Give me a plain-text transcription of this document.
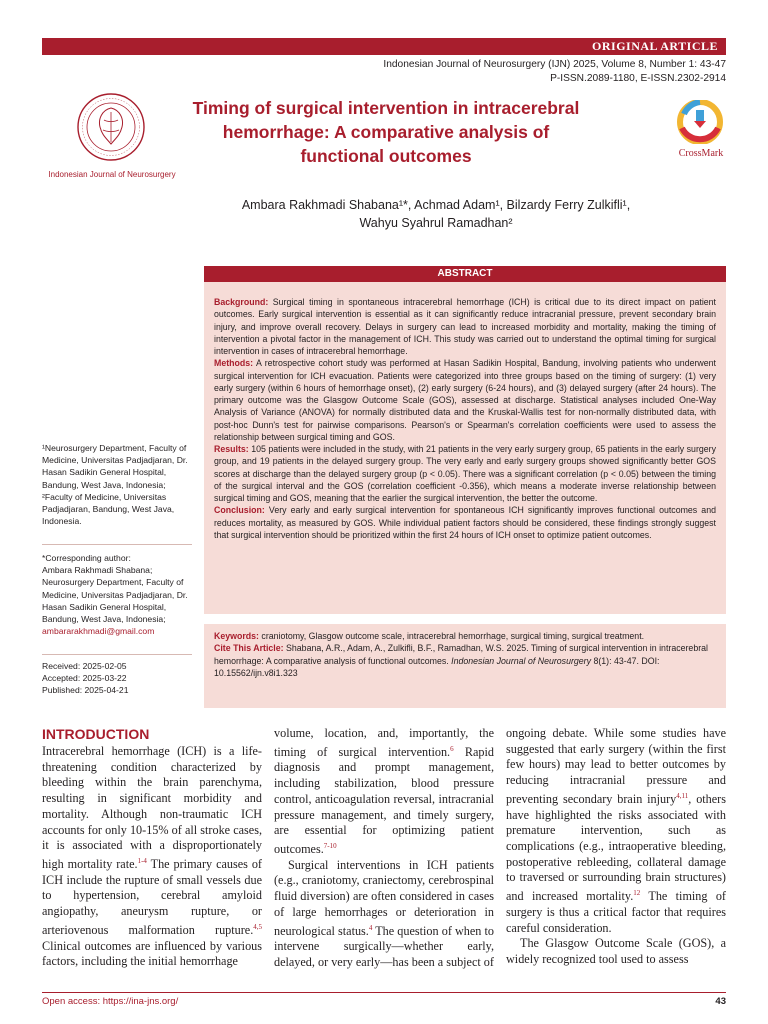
ORIGINAL ARTICLE
Indonesian Journal of Neurosurgery (IJN) 2025, Volume 8, Number 1: 43-47
P-ISSN.2089-1180, E-ISSN.2302-2914
Indonesian Journal of Neurosurgery
Timing of surgical intervention in intracerebral hemorrhage: A comparative analysis of functional outcomes	CrossMark
Ambara Rakhmadi Shabana¹*, Achmad Adam¹, Bilzardy Ferry Zulkifli¹,
Wahyu Syahrul Ramadhan²
ABSTRACT

Background: Surgical timing in spontaneous intracerebral hemorrhage (ICH) is critical due to its direct impact on patient outcomes. Early surgical intervention is essential as it can significantly reduce intracranial pressure, prevent secondary brain injury, and improve overall recovery. Delays in surgery can lead to increased morbidity and mortality, making the timing of intervention a pivotal factor in the management of ICH. This study was carried out to understand the optimal timing for surgical intervention in cases of intracerebral hemorrhage.

Methods: A retrospective cohort study was performed at Hasan Sadikin Hospital, Bandung, involving patients who underwent surgical intervention for ICH evacuation. Patients were categorized into three groups based on the timing of surgery: (1) very early surgery (within 6 hours of hemorrhage onset), (2) early surgery (6-24 hours), and (3) delayed surgery (after 24 hours). The primary outcome was the Glasgow Outcome Scale (GOS), assessed at discharge. Statistical analyses included One-Way Analysis of Variance (ANOVA) for normally distributed data and the Kruskal-Wallis test for non-normally distributed data, with post-hoc Dunn's test for pairwise comparisons. Pearson's or Spearman's correlation coefficients were used to assess the relationship between surgical timing and GOS.

Results: 105 patients were included in the study, with 21 patients in the very early surgery group, 65 patients in the early surgery group, and 19 patients in the delayed surgery group. The very early and early surgery groups showed significantly better GOS scores at discharge than the delayed surgery group (p < 0.05). There was a significant correlation (p < 0.05) between the timing of the surgical interval and the GOS (correlation coefficient -0.356), which means a moderate inverse relationship between surgical timing and GOS, meaning that the earlier the surgical intervention, the better the outcome.

Conclusion: Very early and early surgical intervention for spontaneous ICH significantly improves functional outcomes and reduces mortality, as measured by GOS. While individual patient factors should be considered, these findings strongly suggest that surgical intervention should be prioritized within the first 24 hours of ICH onset to optimize patient outcomes.

Keywords: craniotomy, Glasgow outcome scale, intracerebral hemorrhage, surgical timing, surgical treatment.

Cite This Article: Shabana, A.R., Adam, A., Zulkifli, B.F., Ramadhan, W.S. 2025. Timing of surgical intervention in intracerebral hemorrhage: A comparative analysis of functional outcomes. Indonesian Journal of Neurosurgery 8(1): 43-47. DOI: 10.15562/ijn.v8i1.323

¹Neurosurgery Department, Faculty of Medicine, Universitas Padjadjaran, Dr. Hasan Sadikin General Hospital, Bandung, West Java, Indonesia;
²Faculty of Medicine, Universitas Padjadjaran, Bandung, West Java, Indonesia.
*Corresponding author:
Ambara Rakhmadi Shabana; Neurosurgery Department, Faculty of Medicine, Universitas Padjadjaran, Dr. Hasan Sadikin General Hospital, Bandung, West Java, Indonesia;
ambararakhmadi@gmail.com
Received: 2025-02-05
Accepted: 2025-03-22
Published: 2025-04-21
INTRODUCTION

Intracerebral hemorrhage (ICH) is a life-threatening condition characterized by bleeding within the brain parenchyma, resulting in significant morbidity and mortality. Although non-traumatic ICH accounts for only 10-15% of all stroke cases, it is associated with a disproportionately high mortality rate.$^{1-4}$ The primary causes of ICH include the rupture of small vessels due to hypertension, cerebral amyloid angiopathy, aneurysm rupture, or arteriovenous malformation rupture.$^{4,5}$ Clinical outcomes are influenced by various factors, including the initial hemorrhage

volume, location, and, importantly, the timing of surgical intervention.$^6$ Rapid diagnosis and prompt management, including stabilization, blood pressure control, anticoagulation reversal, intracranial pressure management, and timely surgery, are essential for optimizing patient outcomes.$^{7-10}$

Surgical interventions in ICH patients (e.g., craniotomy, craniectomy, cerebrospinal fluid diversion) are often considered in cases of large hemorrhages or deterioration in neurological status.$^4$ The question of when to intervene surgically—whether early, delayed, or very early—has been a subject of

ongoing debate. While some studies have suggested that early surgery (within the first few hours) may lead to better outcomes by reducing intracranial pressure and preventing secondary brain injury$^{4,11}$, others have highlighted the risks associated with premature intervention, such as complications (e.g., intraoperative bleeding, postoperative rebleeding, collateral damage to traversed or surrounding brain structures) and increased mortality.$^{12}$ The timing of surgery is thus a critical factor that requires careful consideration.

The Glasgow Outcome Scale (GOS), a widely recognized tool used to assess

Open access: https://ina-jns.org/	43
